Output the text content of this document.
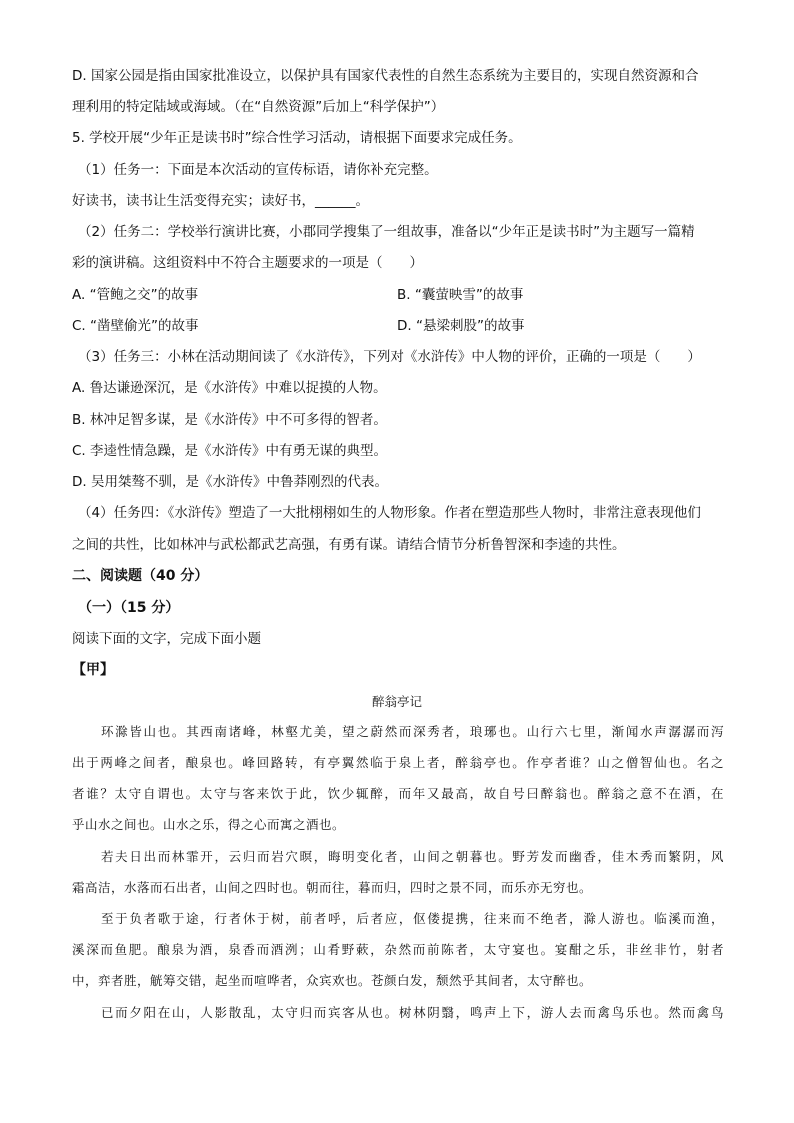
D. 国家公园是指由国家批准设立，以保护具有国家代表性的自然生态系统为主要目的，实现自然资源和合
理利用的特定陆域或海域。（在“自然资源”后加上“科学保护”）
5. 学校开展“少年正是读书时”综合性学习活动，请根据下面要求完成任务。
（1）任务一：下面是本次活动的宣传标语，请你补充完整。
好读书，读书让生活变得充实；读好书，______。
（2）任务二：学校举行演讲比赛，小郡同学搜集了一组故事，准备以“少年正是读书时”为主题写一篇精
彩的演讲稿。这组资料中不符合主题要求的一项是（　　）
A. “管鲍之交”的故事	B. “囊萤映雪”的故事
C. “凿壁偷光”的故事	D. “悬梁刺股”的故事
（3）任务三：小林在活动期间读了《水浒传》，下列对《水浒传》中人物的评价，正确的一项是（　　）
A. 鲁达谦逊深沉，是《水浒传》中难以捉摸的人物。
B. 林冲足智多谋，是《水浒传》中不可多得的智者。
C. 李逵性情急躁，是《水浒传》中有勇无谋的典型。
D. 吴用桀骜不驯，是《水浒传》中鲁莽刚烈的代表。
（4）任务四：《水浒传》塑造了一大批栩栩如生的人物形象。作者在塑造那些人物时，非常注意表现他们
之间的共性，比如林冲与武松都武艺高强，有勇有谋。请结合情节分析鲁智深和李逵的共性。
二、阅读题（40 分）
（一）（15 分）
阅读下面的文字，完成下面小题
【甲】
醉翁亭记
环滁皆山也。其西南诸峰，林壑尤美，望之蔚然而深秀者，琅琊也。山行六七里，渐闻水声潺潺而泻
出于两峰之间者，酿泉也。峰回路转，有亭翼然临于泉上者，醉翁亭也。作亭者谁？山之僧智仙也。名之
者谁？太守自谓也。太守与客来饮于此，饮少辄醉，而年又最高，故自号曰醉翁也。醉翁之意不在酒，在
乎山水之间也。山水之乐，得之心而寓之酒也。
若夫日出而林霏开，云归而岩穴暝，晦明变化者，山间之朝暮也。野芳发而幽香，佳木秀而繁阴，风
霜高洁，水落而石出者，山间之四时也。朝而往，暮而归，四时之景不同，而乐亦无穷也。
至于负者歌于途，行者休于树，前者呼，后者应，伛偻提携，往来而不绝者，滁人游也。临溪而渔，
溪深而鱼肥。酿泉为酒，泉香而酒洌；山肴野蔌，杂然而前陈者，太守宴也。宴酣之乐，非丝非竹，射者
中，弈者胜，觥筹交错，起坐而喧哗者，众宾欢也。苍颜白发，颓然乎其间者，太守醉也。
已而夕阳在山，人影散乱，太守归而宾客从也。树林阴翳，鸣声上下，游人去而禽鸟乐也。然而禽鸟
